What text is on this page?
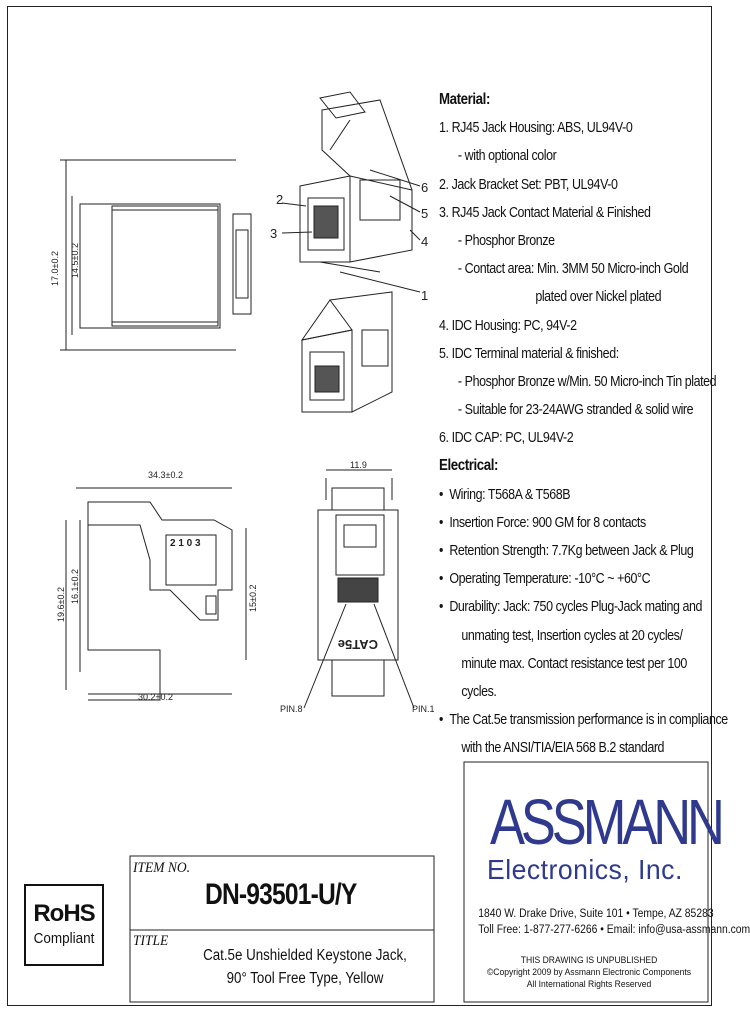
17.0±0.2 14.5±0.2
2
3
6
5
4
1
34.3±0.2
19.6±0.2
16.1±0.2
30.2±0.2
15±0.2
2 1 0 3
11.9
PIN.8	PIN.1
CAT5e
Material:
1. RJ45 Jack Housing: ABS, UL94V-0
- with optional color
2. Jack Bracket Set: PBT, UL94V-0
3. RJ45 Jack Contact Material & Finished
- Phosphor Bronze
- Contact area: Min. 3MM 50 Micro-inch Gold
plated over Nickel plated
4. IDC Housing: PC, 94V-2
5. IDC Terminal material & finished:
- Phosphor Bronze w/Min. 50 Micro-inch Tin plated
- Suitable for 23-24AWG stranded & solid wire
6. IDC CAP: PC, UL94V-2
Electrical:
• Wiring: T568A & T568B
• Insertion Force: 900 GM for 8 contacts
• Retention Strength: 7.7Kg between Jack & Plug
• Operating Temperature: -10°C ~ +60°C
• Durability: Jack: 750 cycles Plug-Jack mating and
unmating test, Insertion cycles at 20 cycles/
minute max. Contact resistance test per 100
cycles.
• The Cat.5e transmission performance is in compliance
with the ANSI/TIA/EIA 568 B.2 standard
RoHS
Compliant
ITEM NO.
DN-93501-U/Y
TITLE
Cat.5e Unshielded Keystone Jack,
90° Tool Free Type, Yellow
ASSMANN
Electronics, Inc.
1840 W. Drake Drive, Suite 101 • Tempe, AZ 85283
Toll Free: 1-877-277-6266 • Email: info@usa-assmann.com
THIS DRAWING IS UNPUBLISHED
©Copyright 2009 by Assmann Electronic Components
All International Rights Reserved
